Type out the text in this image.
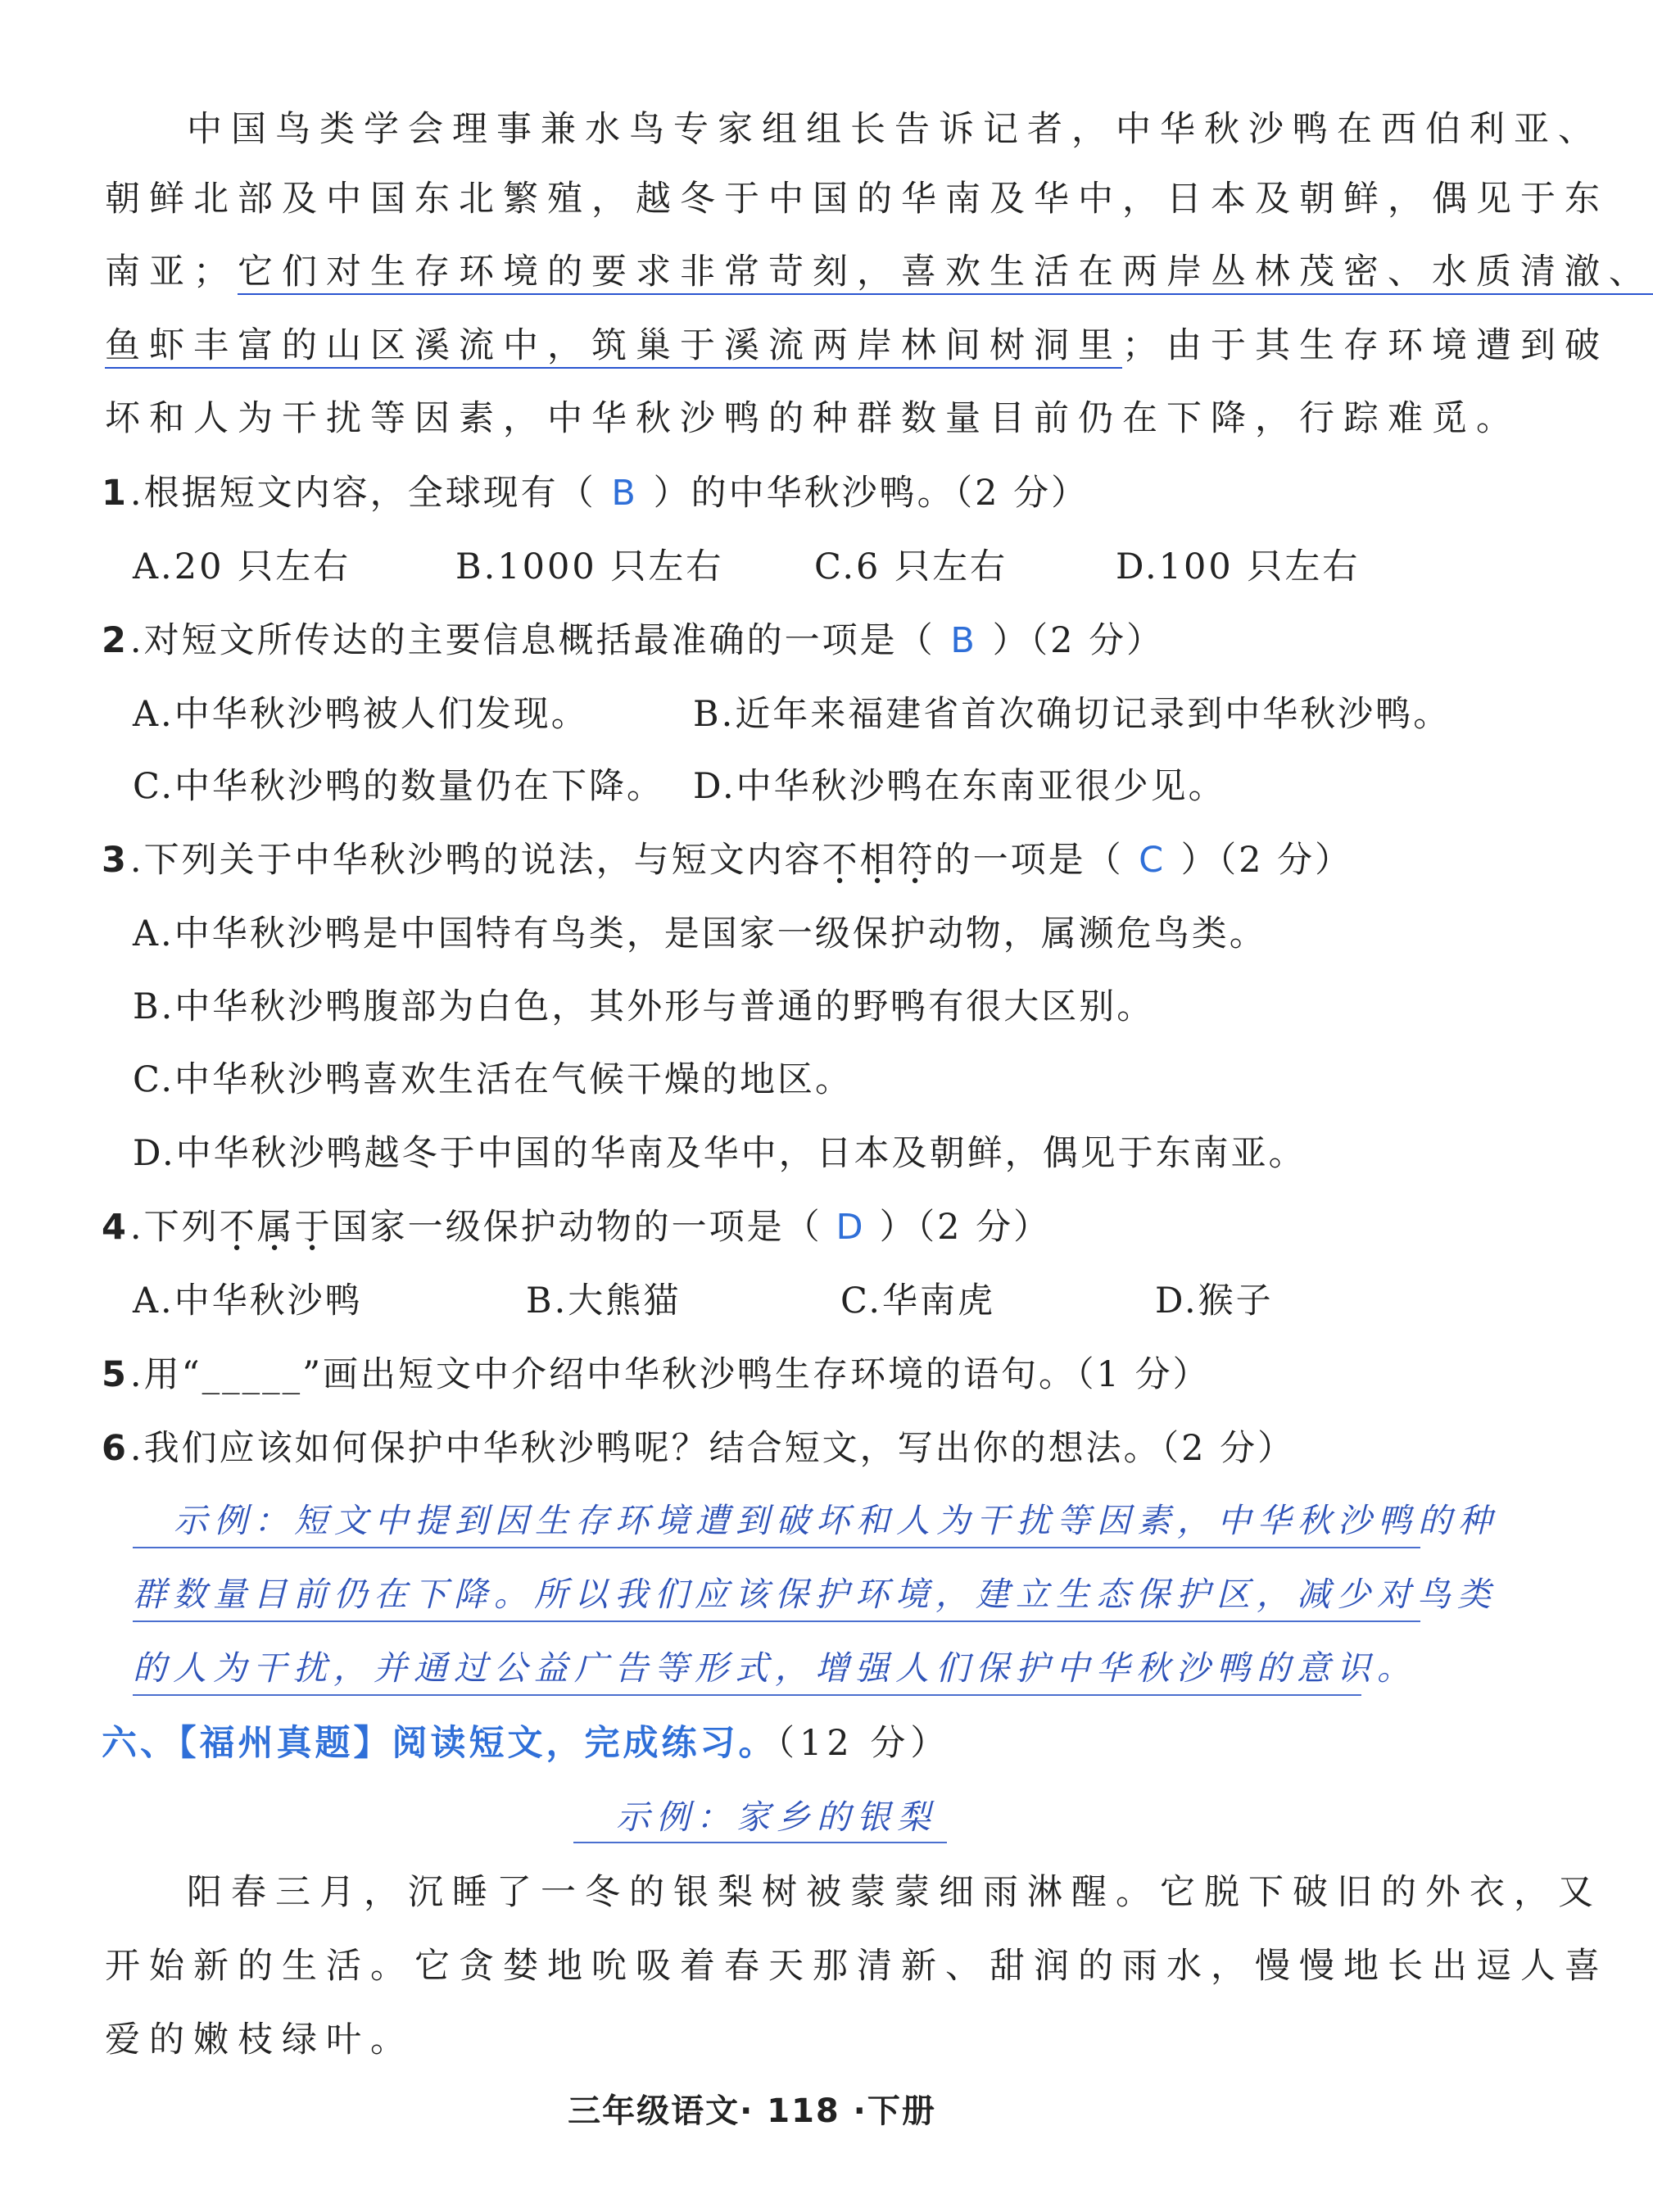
中国鸟类学会理事兼水鸟专家组组长告诉记者，中华秋沙鸭在西伯利亚、
朝鲜北部及中国东北繁殖，越冬于中国的华南及华中，日本及朝鲜，偶见于东
南亚；它们对生存环境的要求非常苛刻，喜欢生活在两岸丛林茂密、水质清澈、
鱼虾丰富的山区溪流中，筑巢于溪流两岸林间树洞里；由于其生存环境遭到破
坏和人为干扰等因素，中华秋沙鸭的种群数量目前仍在下降，行踪难觅。
1.根据短文内容，全球现有（ B ）的中华秋沙鸭。（2 分）
A.20 只左右	B.1000 只左右	C.6 只左右	D.100 只左右
2.对短文所传达的主要信息概括最准确的一项是（ B ）（2 分）
A.中华秋沙鸭被人们发现。	B.近年来福建省首次确切记录到中华秋沙鸭。
C.中华秋沙鸭的数量仍在下降。 D.中华秋沙鸭在东南亚很少见。
3.下列关于中华秋沙鸭的说法，与短文内容不相符的一项是（ C ）（2 分）
A.中华秋沙鸭是中国特有鸟类，是国家一级保护动物，属濒危鸟类。
B.中华秋沙鸭腹部为白色，其外形与普通的野鸭有很大区别。
C.中华秋沙鸭喜欢生活在气候干燥的地区。
D.中华秋沙鸭越冬于中国的华南及华中，日本及朝鲜，偶见于东南亚。
4.下列不属于国家一级保护动物的一项是（ D ）（2 分）
A.中华秋沙鸭	B.大熊猫	C.华南虎	D.猴子
5.用“_____”画出短文中介绍中华秋沙鸭生存环境的语句。（1 分）
6.我们应该如何保护中华秋沙鸭呢？结合短文，写出你的想法。（2 分）
示例：短文中提到因生存环境遭到破坏和人为干扰等因素，中华秋沙鸭的种
群数量目前仍在下降。所以我们应该保护环境，建立生态保护区，减少对鸟类
的人为干扰，并通过公益广告等形式，增强人们保护中华秋沙鸭的意识。
六、【福州真题】阅读短文，完成练习。（12 分）
示例：家乡的银梨
阳春三月，沉睡了一冬的银梨树被蒙蒙细雨淋醒。它脱下破旧的外衣，又
开始新的生活。它贪婪地吮吸着春天那清新、甜润的雨水，慢慢地长出逗人喜
爱的嫩枝绿叶。
三年级语文· 118 ·下册
